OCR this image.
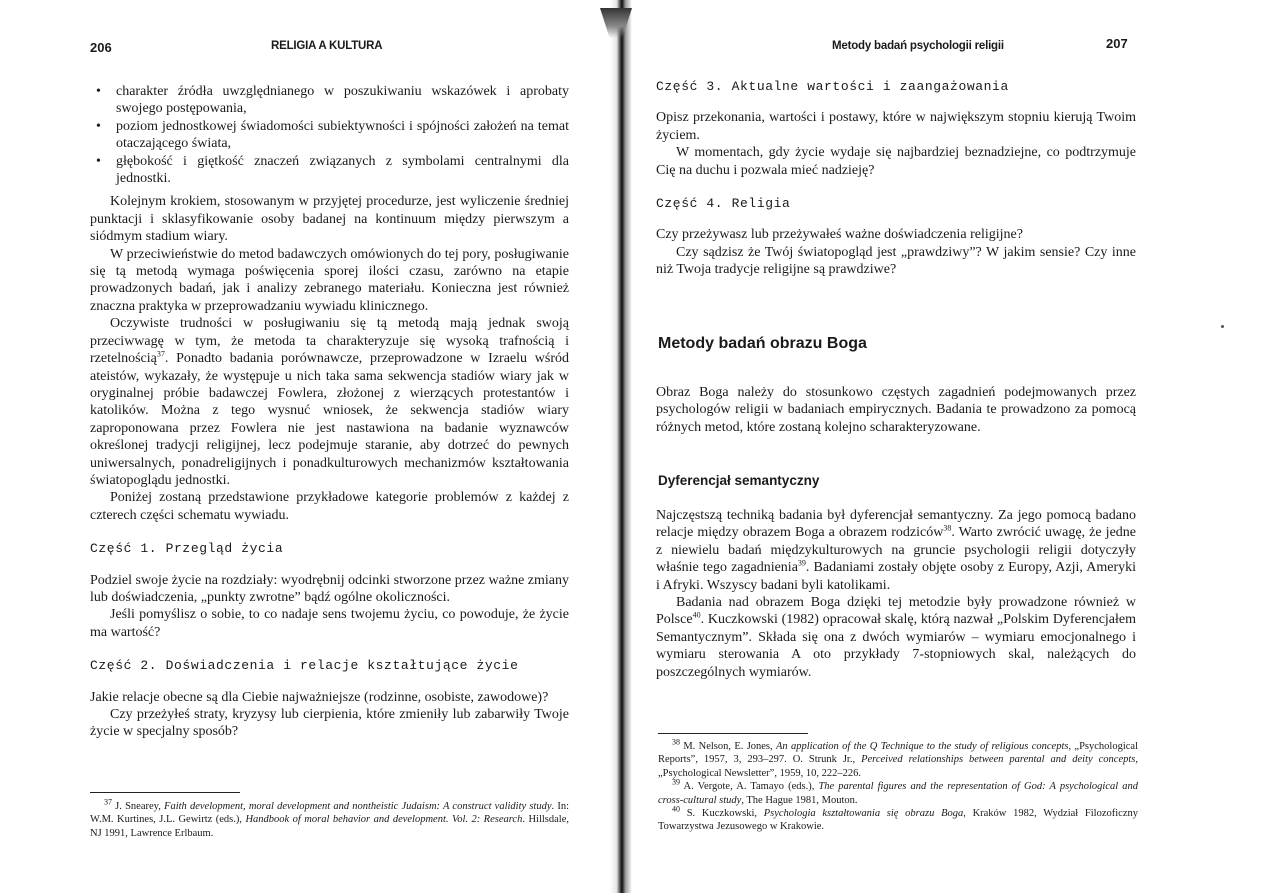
206	RELIGIA A KULTURA
• charakter źródła uwzględnianego w poszukiwaniu wskazówek i aprobaty swojego postępowania,
• poziom jednostkowej świadomości subiektywności i spójności założeń na temat otaczającego świata,
• głębokość i giętkość znaczeń związanych z symbolami centralnymi dla jednostki.

Kolejnym krokiem, stosowanym w przyjętej procedurze, jest wyliczenie średniej punktacji i sklasyfikowanie osoby badanej na kontinuum między pierwszym a siódmym stadium wiary.

W przeciwieństwie do metod badawczych omówionych do tej pory, posługiwanie się tą metodą wymaga poświęcenia sporej ilości czasu, zarówno na etapie prowadzonych badań, jak i analizy zebranego materiału. Konieczna jest również znaczna praktyka w przeprowadzaniu wywiadu klinicznego.

Oczywiste trudności w posługiwaniu się tą metodą mają jednak swoją przeciwwagę w tym, że metoda ta charakteryzuje się wysoką trafnością i rzetelnością$^{37}$. Ponadto badania porównawcze, przeprowadzone w Izraelu wśród ateistów, wykazały, że występuje u nich taka sama sekwencja stadiów wiary jak w oryginalnej próbie badawczej Fowlera, złożonej z wierzących protestantów i katolików. Można z tego wysnuć wniosek, że sekwencja stadiów wiary zaproponowana przez Fowlera nie jest nastawiona na badanie wyznawców określonej tradycji religijnej, lecz podejmuje staranie, aby dotrzeć do pewnych uniwersalnych, ponadreligijnych i ponadkulturowych mechanizmów kształtowania światopoglądu jednostki.

Poniżej zostaną przedstawione przykładowe kategorie problemów z każdej z czterech części schematu wywiadu.

Część 1. Przegląd życia

Podziel swoje życie na rozdziały: wyodrębnij odcinki stworzone przez ważne zmiany lub doświadczenia, „punkty zwrotne” bądź ogólne okoliczności.

Jeśli pomyślisz o sobie, to co nadaje sens twojemu życiu, co powoduje, że życie ma wartość?

Część 2. Doświadczenia i relacje kształtujące życie

Jakie relacje obecne są dla Ciebie najważniejsze (rodzinne, osobiste, zawodowe)?

Czy przeżyłeś straty, kryzysy lub cierpienia, które zmieniły lub zabarwiły Twoje życie w specjalny sposób?

$^{37}$ J. Snearey, Faith development, moral development and nontheistic Judaism: A construct validity study. In: W.M. Kurtines, J.L. Gewirtz (eds.), Handbook of moral behavior and development. Vol. 2: Research. Hillsdale, NJ 1991, Lawrence Erlbaum.

Metody badań psychologii religii	207
Część 3. Aktualne wartości i zaangażowania

Opisz przekonania, wartości i postawy, które w największym stopniu kierują Twoim życiem.

W momentach, gdy życie wydaje się najbardziej beznadziejne, co podtrzymuje Cię na duchu i pozwala mieć nadzieję?

Część 4. Religia

Czy przeżywasz lub przeżywałeś ważne doświadczenia religijne?

Czy sądzisz że Twój światopogląd jest „prawdziwy”? W jakim sensie? Czy inne niż Twoja tradycje religijne są prawdziwe?

Metody badań obrazu Boga

Obraz Boga należy do stosunkowo częstych zagadnień podejmowanych przez psychologów religii w badaniach empirycznych. Badania te prowadzono za pomocą różnych metod, które zostaną kolejno scharakteryzowane.

Dyferencjał semantyczny

Najczęstszą techniką badania był dyferencjał semantyczny. Za jego pomocą badano relacje między obrazem Boga a obrazem rodziców$^{38}$. Warto zwrócić uwagę, że jedne z niewielu badań międzykulturowych na gruncie psychologii religii dotyczyły właśnie tego zagadnienia$^{39}$. Badaniami zostały objęte osoby z Europy, Azji, Ameryki i Afryki. Wszyscy badani byli katolikami.

Badania nad obrazem Boga dzięki tej metodzie były prowadzone również w Polsce$^{40}$. Kuczkowski (1982) opracował skalę, którą nazwał „Polskim Dyferencjałem Semantycznym”. Składa się ona z dwóch wymiarów – wymiaru emocjonalnego i wymiaru sterowania A oto przykłady 7-stopniowych skal, należących do poszczególnych wymiarów.

$^{38}$ M. Nelson, E. Jones, An application of the Q Technique to the study of religious concepts, „Psychological Reports”, 1957, 3, 293–297. O. Strunk Jr., Perceived relationships between parental and deity concepts, „Psychological Newsletter”, 1959, 10, 222–226.

$^{39}$ A. Vergote, A. Tamayo (eds.), The parental figures and the representation of God: A psychological and cross-cultural study, The Hague 1981, Mouton.

$^{40}$ S. Kuczkowski, Psychologia kształtowania się obrazu Boga, Kraków 1982, Wydział Filozoficzny Towarzystwa Jezusowego w Krakowie.
